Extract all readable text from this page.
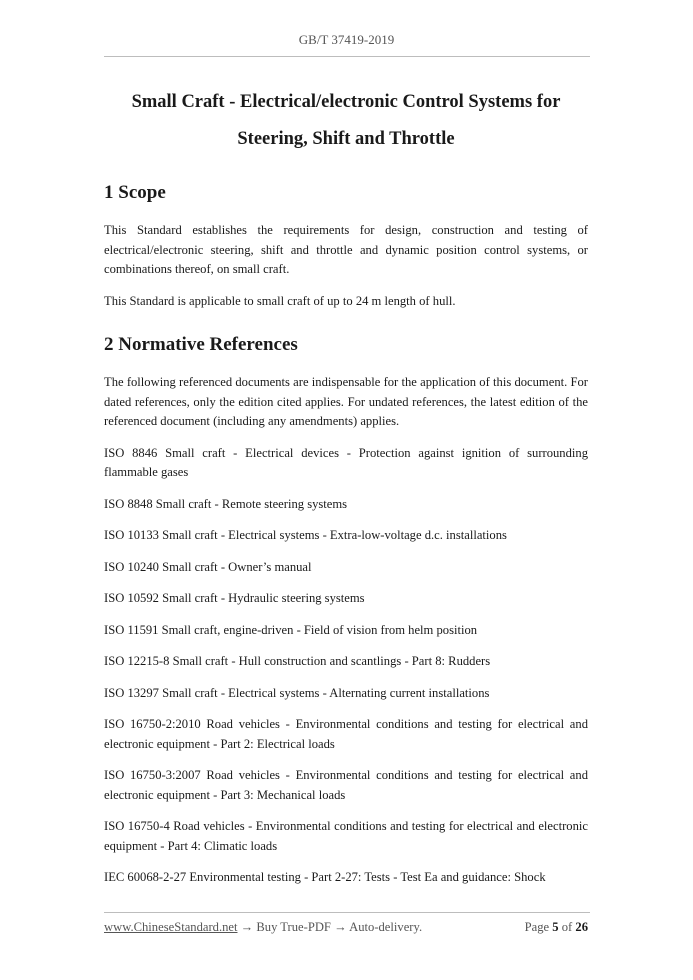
GB/T 37419-2019
Small Craft - Electrical/electronic Control Systems for
Steering, Shift and Throttle
1 Scope

This Standard establishes the requirements for design, construction and testing of electrical/electronic steering, shift and throttle and dynamic position control systems, or combinations thereof, on small craft.

This Standard is applicable to small craft of up to 24 m length of hull.

2 Normative References

The following referenced documents are indispensable for the application of this document. For dated references, only the edition cited applies. For undated references, the latest edition of the referenced document (including any amendments) applies.

ISO 8846 Small craft - Electrical devices - Protection against ignition of surrounding flammable gases

ISO 8848 Small craft - Remote steering systems

ISO 10133 Small craft - Electrical systems - Extra-low-voltage d.c. installations

ISO 10240 Small craft - Owner’s manual

ISO 10592 Small craft - Hydraulic steering systems

ISO 11591 Small craft, engine-driven - Field of vision from helm position

ISO 12215-8 Small craft - Hull construction and scantlings - Part 8: Rudders

ISO 13297 Small craft - Electrical systems - Alternating current installations

ISO 16750-2:2010 Road vehicles - Environmental conditions and testing for electrical and electronic equipment - Part 2: Electrical loads

ISO 16750-3:2007 Road vehicles - Environmental conditions and testing for electrical and electronic equipment - Part 3: Mechanical loads

ISO 16750-4 Road vehicles - Environmental conditions and testing for electrical and electronic equipment - Part 4: Climatic loads

IEC 60068-2-27 Environmental testing - Part 2-27: Tests - Test Ea and guidance: Shock

www.ChineseStandard.net → Buy True-PDF → Auto-delivery.	Page 5 of 26
